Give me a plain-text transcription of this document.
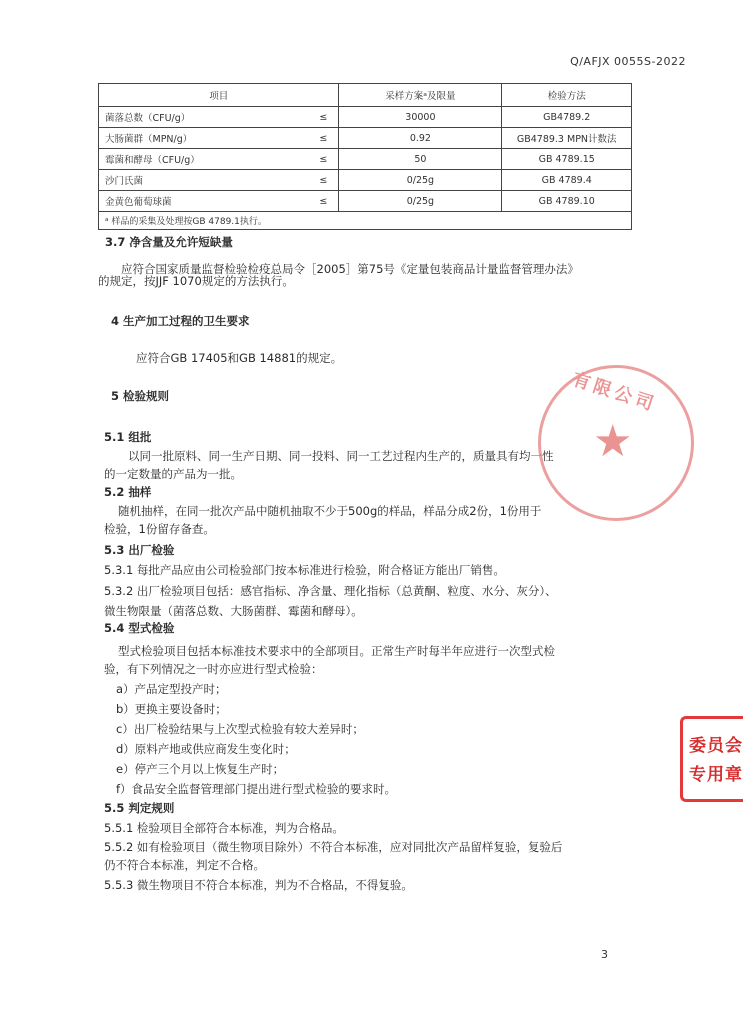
Q/AFJX 0055S-2022
项目		采样方案ᵃ及限量	检验方法
菌落总数（CFU/g）	≤	30000	GB4789.2
大肠菌群（MPN/g）	≤	0.92	GB4789.3 MPN计数法
霉菌和酵母（CFU/g）	≤	50	GB 4789.15
沙门氏菌	≤	0/25g	GB 4789.4
金黄色葡萄球菌	≤	0/25g	GB 4789.10
ᵃ 样品的采集及处理按GB 4789.1执行。			
3.7 净含量及允许短缺量
应符合国家质量监督检验检疫总局令［2005］第75号《定量包装商品计量监督管理办法》
的规定，按JJF 1070规定的方法执行。
4 生产加工过程的卫生要求
应符合GB 17405和GB 14881的规定。
5 检验规则
5.1 组批
以同一批原料、同一生产日期、同一投料、同一工艺过程内生产的，质量具有均一性
的一定数量的产品为一批。
5.2 抽样
随机抽样，在同一批次产品中随机抽取不少于500g的样品，样品分成2份，1份用于
检验，1份留存备查。
5.3 出厂检验
5.3.1 每批产品应由公司检验部门按本标准进行检验，附合格证方能出厂销售。
5.3.2 出厂检验项目包括：感官指标、净含量、理化指标（总黄酮、粒度、水分、灰分）、
微生物限量（菌落总数、大肠菌群、霉菌和酵母）。
5.4 型式检验
型式检验项目包括本标准技术要求中的全部项目。正常生产时每半年应进行一次型式检
验，有下列情况之一时亦应进行型式检验：
a）产品定型投产时；
b）更换主要设备时；
c）出厂检验结果与上次型式检验有较大差异时；
d）原料产地或供应商发生变化时；
e）停产三个月以上恢复生产时；
f）食品安全监督管理部门提出进行型式检验的要求时。
5.5 判定规则
5.5.1 检验项目全部符合本标准，判为合格品。
5.5.2 如有检验项目（微生物项目除外）不符合本标准，应对同批次产品留样复验，复验后
仍不符合本标准，判定不合格。
5.5.3 微生物项目不符合本标准，判为不合格品，不得复验。
有限公司
★
委员会
专用章
3
